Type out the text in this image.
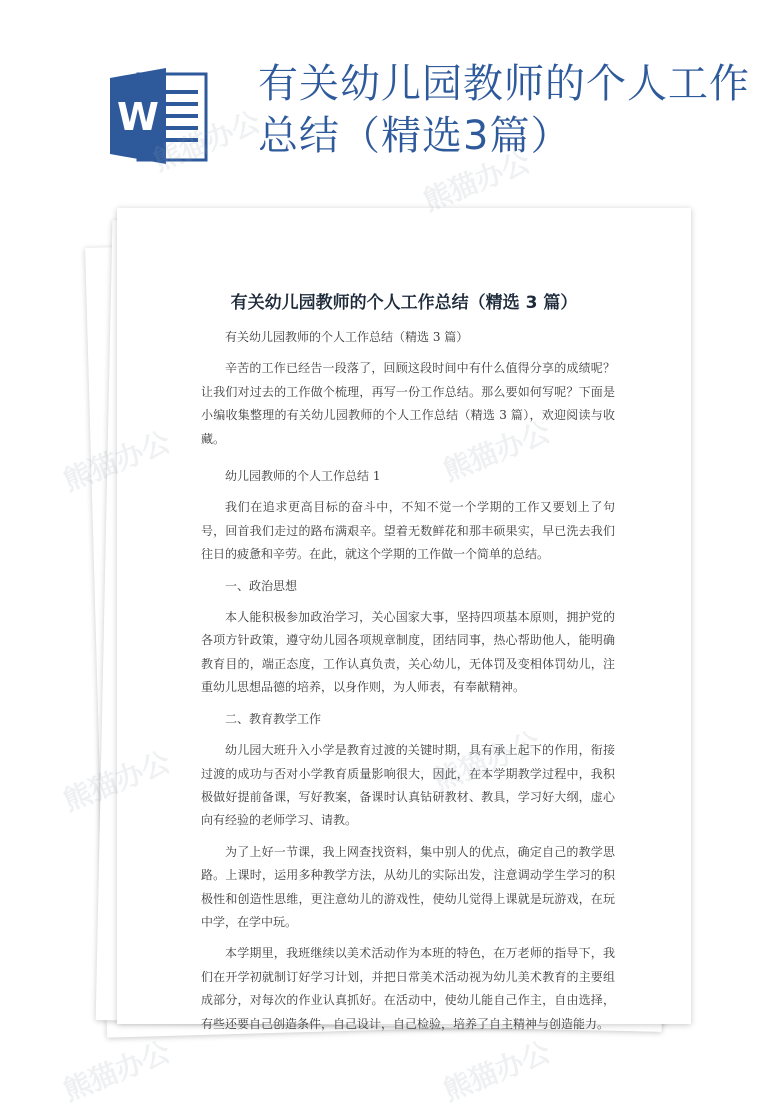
W
有关幼儿园教师的个人工作总结（精选3篇）
有关幼儿园教师的个人工作总结（精选 3 篇）

有关幼儿园教师的个人工作总结（精选 3 篇）

辛苦的工作已经告一段落了，回顾这段时间中有什么值得分享的成绩呢？让我们对过去的工作做个梳理，再写一份工作总结。那么要如何写呢？下面是小编收集整理的有关幼儿园教师的个人工作总结（精选 3 篇），欢迎阅读与收藏。

幼儿园教师的个人工作总结 1

我们在追求更高目标的奋斗中，不知不觉一个学期的工作又要划上了句号，回首我们走过的路布满艰辛。望着无数鲜花和那丰硕果实，早已洗去我们往日的疲惫和辛劳。在此，就这个学期的工作做一个简单的总结。

一、政治思想

本人能积极参加政治学习，关心国家大事，坚持四项基本原则，拥护党的各项方针政策，遵守幼儿园各项规章制度，团结同事，热心帮助他人，能明确教育目的，端正态度，工作认真负责，关心幼儿，无体罚及变相体罚幼儿，注重幼儿思想品德的培养，以身作则，为人师表，有奉献精神。

二、教育教学工作

幼儿园大班升入小学是教育过渡的关键时期，具有承上起下的作用，衔接过渡的成功与否对小学教育质量影响很大，因此，在本学期教学过程中，我积极做好提前备课，写好教案，备课时认真钻研教材、教具，学习好大纲，虚心向有经验的老师学习、请教。

为了上好一节课，我上网查找资料，集中别人的优点，确定自己的教学思路。上课时，运用多种教学方法，从幼儿的实际出发，注意调动学生学习的积极性和创造性思维，更注意幼儿的游戏性，使幼儿觉得上课就是玩游戏，在玩中学，在学中玩。

本学期里，我班继续以美术活动作为本班的特色，在万老师的指导下，我们在开学初就制订好学习计划，并把日常美术活动视为幼儿美术教育的主要组成部分，对每次的作业认真抓好。在活动中，使幼儿能自己作主，自由选择，有些还要自己创造条件，自己设计，自己检验，培养了自主精神与创造能力。

熊猫办公
熊猫办公	熊猫办公
